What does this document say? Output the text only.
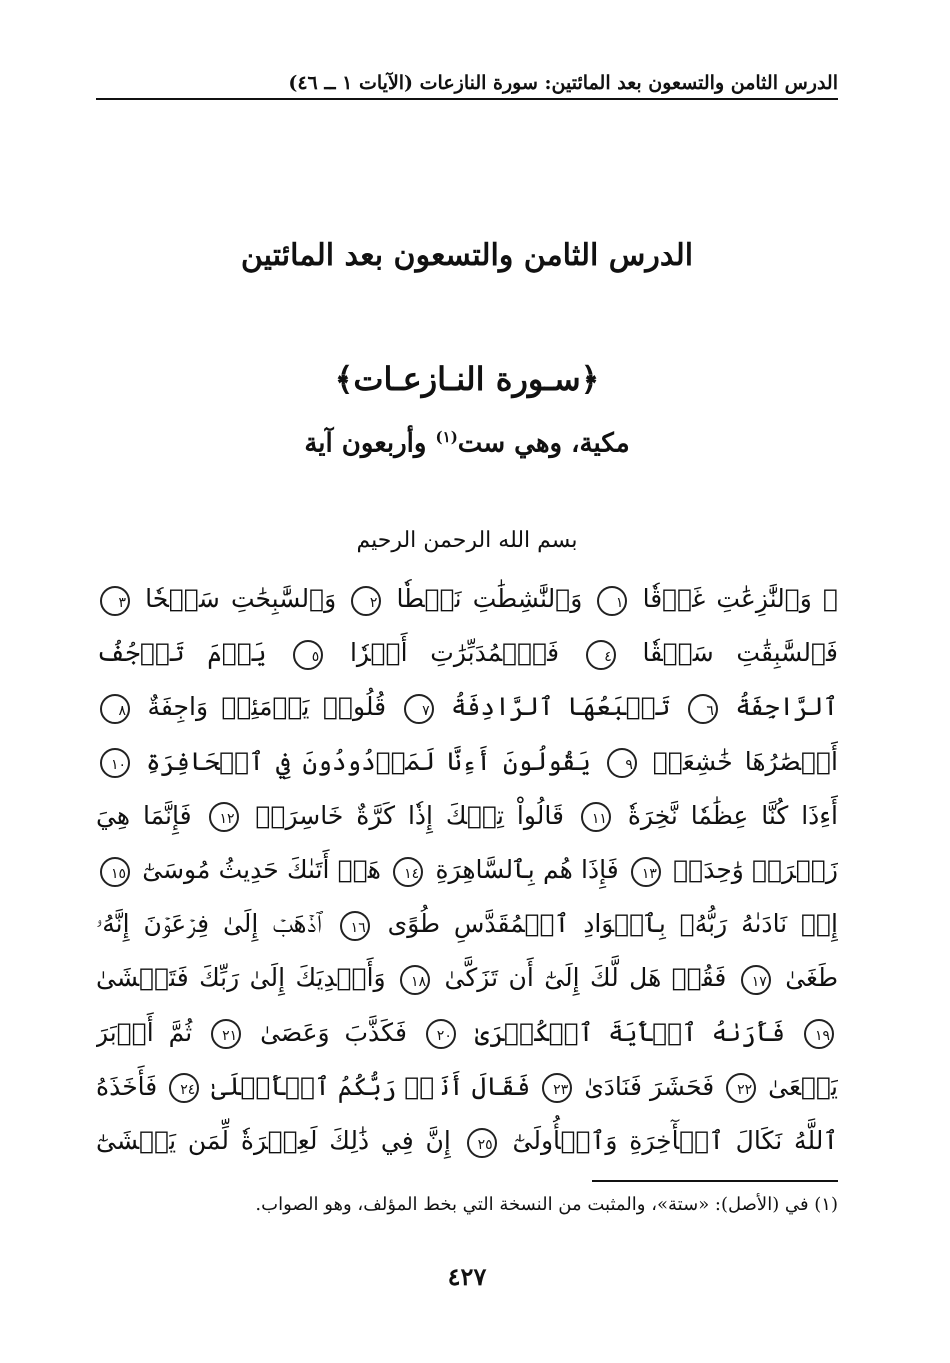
الدرس الثامن والتسعون بعد المائتين: سورة النازعات (الآيات ١ ــ ٤٦)
الدرس الثامن والتسعون بعد المائتين
﴿سـورة النـازعـات﴾
مكية، وهي ست$^{(١)}$ وأربعون آية
بسم الله الرحمن الرحيم
﴿ وَٱلنَّٰزِعَٰتِ غَرۡقٗا ١ وَٱلنَّٰشِطَٰتِ نَشۡطٗا ٢ وَٱلسَّٰبِحَٰتِ سَبۡحٗا ٣ فَٱلسَّٰبِقَٰتِ سَبۡقٗا ٤ فَٱلۡمُدَبِّرَٰتِ أَمۡرٗا ٥ يَوۡمَ تَرۡجُفُ ٱلرَّاجِفَةُ ٦ تَتۡبَعُهَا ٱلرَّادِفَةُ ٧ قُلُوبٞ يَوۡمَئِذٖ وَاجِفَةٌ ٨ أَبۡصَٰرُهَا خَٰشِعَةٞ ٩ يَقُولُونَ أَءِنَّا لَمَرۡدُودُونَ فِي ٱلۡحَافِرَةِ ١٠ أَءِذَا كُنَّا عِظَٰمٗا نَّخِرَةٗ ١١ قَالُواْ تِلۡكَ إِذٗا كَرَّةٌ خَاسِرَةٞ ١٢ فَإِنَّمَا هِيَ زَجۡرَةٞ وَٰحِدَةٞ ١٣ فَإِذَا هُم بِٱلسَّاهِرَةِ ١٤ هَلۡ أَتَىٰكَ حَدِيثُ مُوسَىٰٓ ١٥ إِذۡ نَادَىٰهُ رَبُّهُۥ بِٱلۡوَادِ ٱلۡمُقَدَّسِ طُوًى ١٦ ٱذۡهَبۡ إِلَىٰ فِرۡعَوۡنَ إِنَّهُۥ طَغَىٰ ١٧ فَقُلۡ هَل لَّكَ إِلَىٰٓ أَن تَزَكَّىٰ ١٨ وَأَهۡدِيَكَ إِلَىٰ رَبِّكَ فَتَخۡشَىٰ ١٩ فَأَرَىٰهُ ٱلۡأٓيَةَ ٱلۡكُبۡرَىٰ ٢٠ فَكَذَّبَ وَعَصَىٰ ٢١ ثُمَّ أَدۡبَرَ يَسۡعَىٰ ٢٢ فَحَشَرَ فَنَادَىٰ ٢٣ فَقَالَ أَنَا۠ رَبُّكُمُ ٱلۡأَعۡلَىٰ ٢٤ فَأَخَذَهُ ٱللَّهُ نَكَالَ ٱلۡأٓخِرَةِ وَٱلۡأُولَىٰٓ ٢٥ إِنَّ فِي ذَٰلِكَ لَعِبۡرَةٗ لِّمَن يَخۡشَىٰٓ
(١) في (الأصل): «ستة»، والمثبت من النسخة التي بخط المؤلف، وهو الصواب.
٤٢٧
